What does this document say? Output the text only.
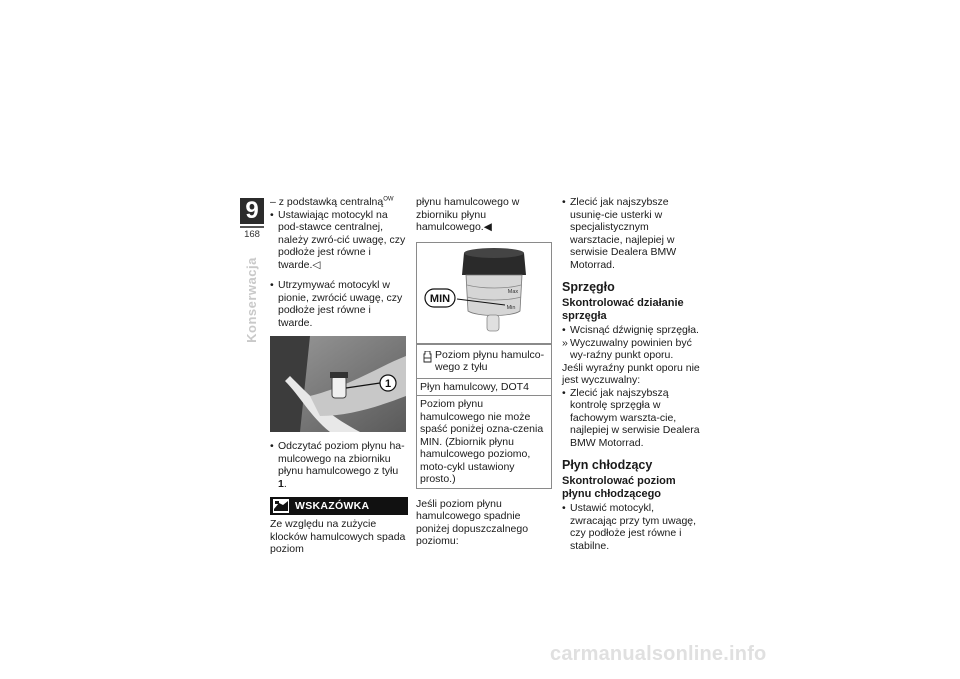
9
168
Konserwacja

– z podstawką centralną$^{OW}$

• Ustawiając motocykl na pod-stawce centralnej, należy zwró-cić uwagę, czy podłoże jest równe i twarde.◁
• Utrzymywać motocykl w pionie, zwrócić uwagę, czy podłoże jest równe i twarde.
1
• Odczytać poziom płynu ha-mulcowego na zbiorniku płynu hamulcowego z tyłu 1.
WSKAZÓWKA

Ze względu na zużycie klocków hamulcowych spada poziom

płynu hamulcowego w zbiorniku płynu hamulcowego.◀

Max
Min
MIN
Poziom płynu hamulco-wego z tyłu
Płyn hamulcowy, DOT4
Poziom płynu hamulcowego nie może spaść poniżej ozna-czenia MIN. (Zbiornik płynu hamulcowego poziomo, moto-cykl ustawiony prosto.)

Jeśli poziom płynu hamulcowego spadnie poniżej dopuszczalnego poziomu:

• Zlecić jak najszybsze usunię-cie usterki w specjalistycznym warsztacie, najlepiej w serwisie Dealera BMW Motorrad.
Sprzęgło
Skontrolować działanie sprzęgła
• Wcisnąć dźwignię sprzęgła.
» Wyczuwalny powinien być wy-raźny punkt oporu.

Jeśli wyraźny punkt oporu nie jest wyczuwalny:

• Zlecić jak najszybszą kontrolę sprzęgła w fachowym warszta-cie, najlepiej w serwisie Dealera BMW Motorrad.
Płyn chłodzący
Skontrolować poziom płynu chłodzącego
• Ustawić motocykl, zwracając przy tym uwagę, czy podłoże jest równe i stabilne.
carmanualsonline.info
